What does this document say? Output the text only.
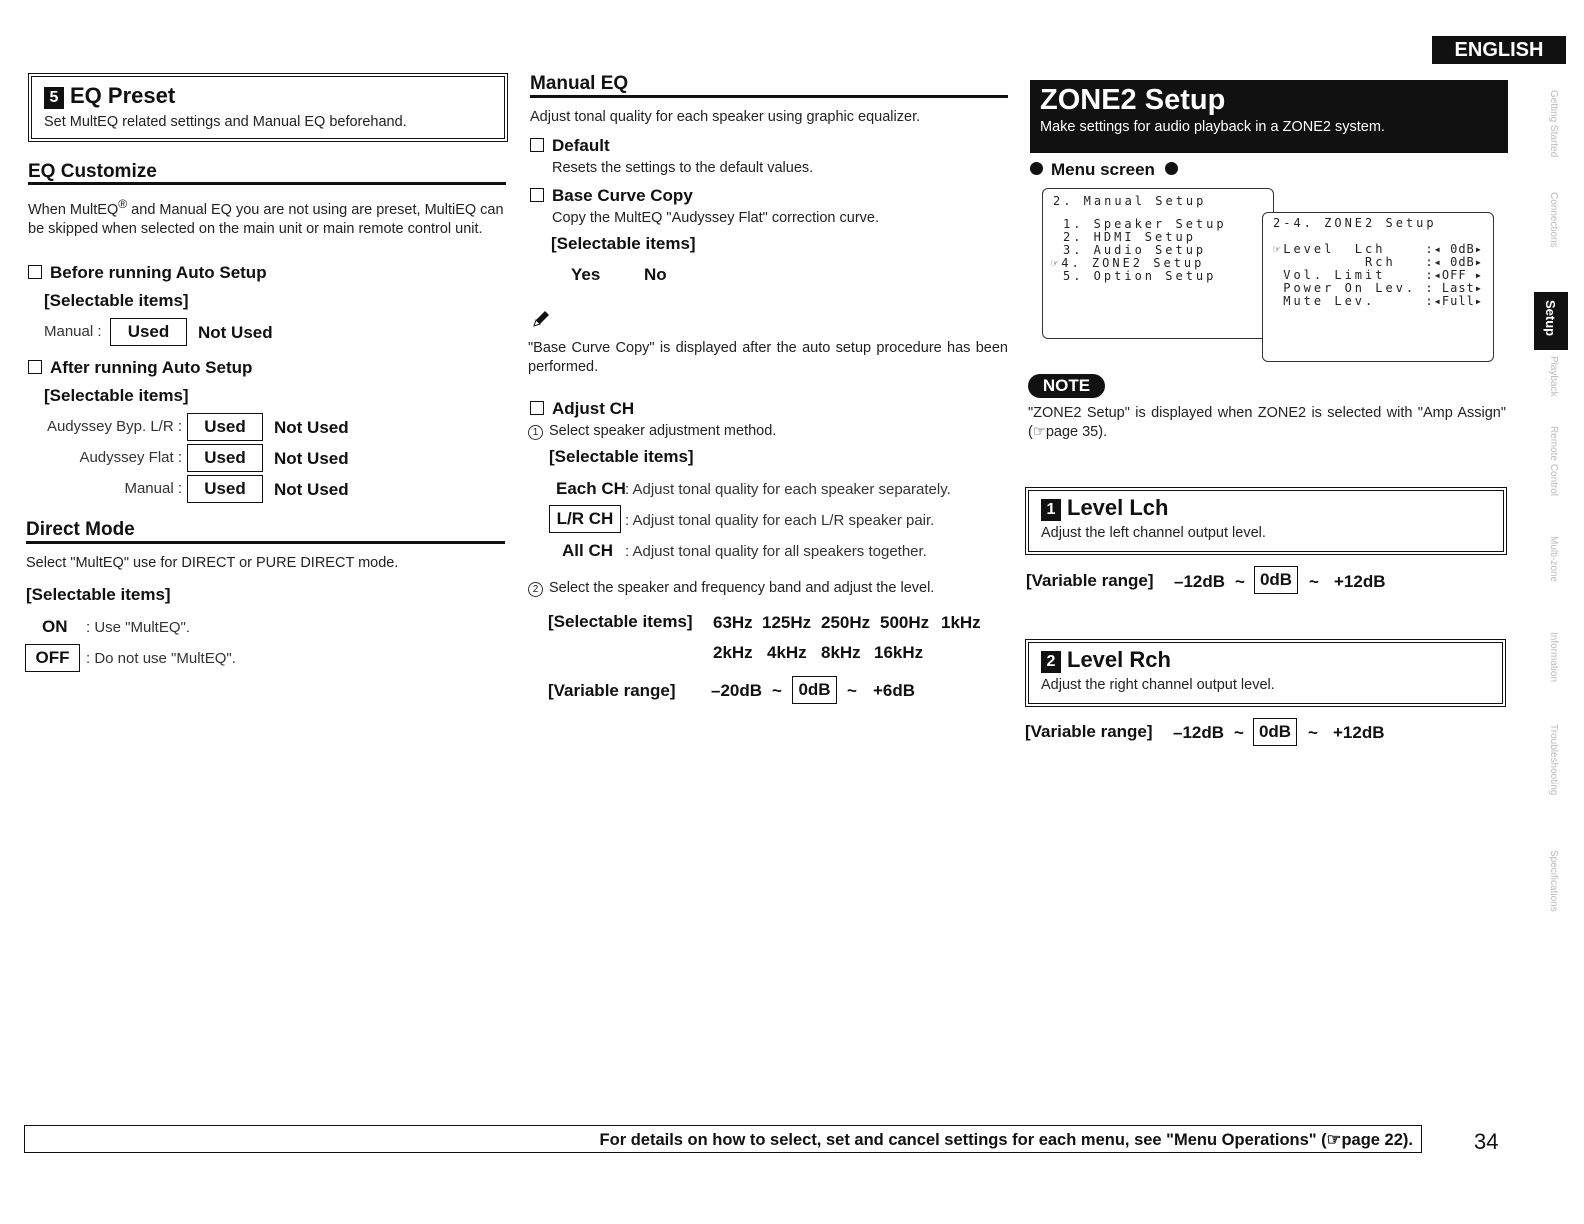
ENGLISH
5 EQ Preset
Set MultEQ related settings and Manual EQ beforehand.
EQ Customize
When MultEQ® and Manual EQ you are not using are preset, MultiEQ can be skipped when selected on the main unit or main remote control unit.
Before running Auto Setup
[Selectable items]
Manual :	Used	Not Used
After running Auto Setup
[Selectable items]
Audyssey Byp. L/R :	Used	Not Used
Audyssey Flat :	Used	Not Used
Manual :	Used	Not Used
Direct Mode
Select "MultEQ" use for DIRECT or PURE DIRECT mode.
[Selectable items]
ON : Use "MultEQ".
OFF	: Do not use "MultEQ".
Manual EQ
Adjust tonal quality for each speaker using graphic equalizer.
Default
Resets the settings to the default values.
Base Curve Copy
Copy the MultEQ "Audyssey Flat" correction curve.
[Selectable items]
Yes	No
"Base Curve Copy" is displayed after the auto setup procedure has been performed.
Adjust CH
1 Select speaker adjustment method.
[Selectable items]
Each CH : Adjust tonal quality for each speaker separately.
L/R CH : Adjust tonal quality for each L/R speaker pair.
All CH : Adjust tonal quality for all speakers together.
2 Select the speaker and frequency band and adjust the level.
[Selectable items] 63Hz 125Hz 250Hz 500Hz 1kHz
2kHz 4kHz 8kHz 16kHz
[Variable range] –20dB ~ 0dB ~ +6dB
ZONE2 Setup
Make settings for audio playback in a ZONE2 system.
Menu screen
2. Manual Setup
1. Speaker Setup
2. HDMI Setup
3. Audio Setup
☞4. ZONE2 Setup
5. Option Setup
2-4. ZONE2 Setup
☞Level  Lch	:◂ 0dB▸
Rch :◂ 0dB▸
Vol. Limit	:◂OFF ▸
Power On Lev. : Last▸
Mute Lev.	:◂Full▸
NOTE
"ZONE2 Setup" is displayed when ZONE2 is selected with "Amp Assign" (☞page 35).
1 Level Lch
Adjust the left channel output level.
[Variable range] –12dB ~ 0dB ~ +12dB
2 Level Rch
Adjust the right channel output level.
[Variable range] –12dB ~ 0dB ~ +12dB
Getting Started
Connections
Setup
Playback
Remote Control
Multi-zone
Information
Troubleshooting
Specifications
For details on how to select, set and cancel settings for each menu, see "Menu Operations" (☞page 22).	34
